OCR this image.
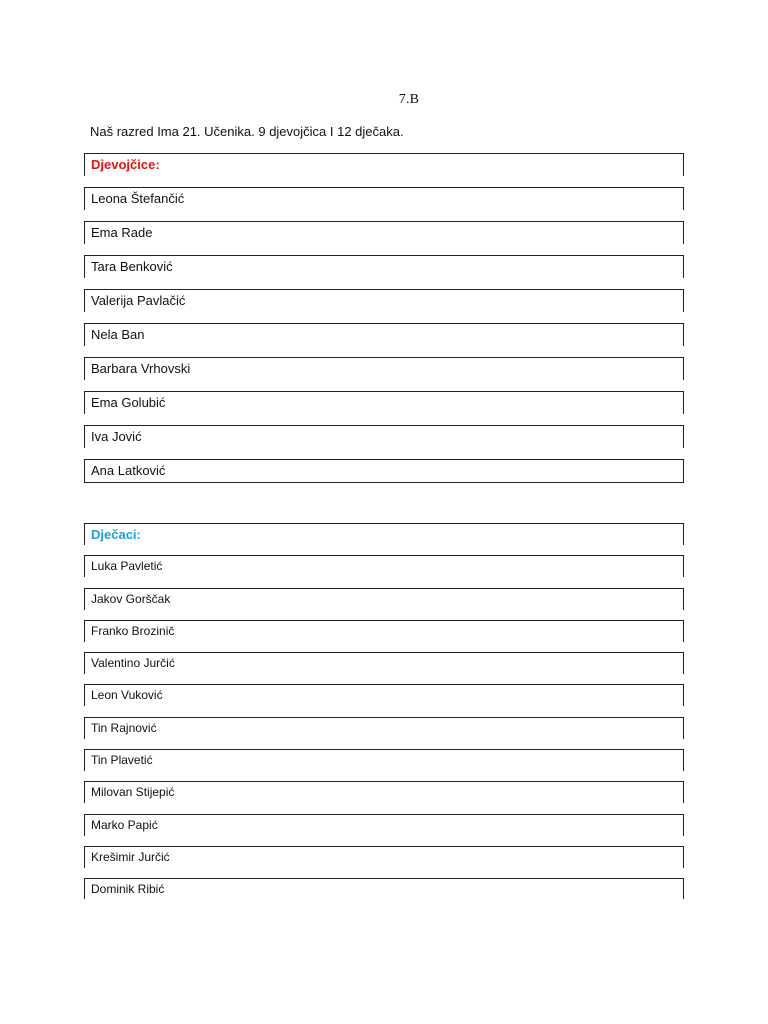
7.B
Naš razred Ima 21. Učenika. 9 djevojčica I 12 dječaka.
Djevojčice:
Leona Štefančić
Ema Rade
Tara Benković
Valerija Pavlačić
Nela Ban
Barbara Vrhovski
Ema Golubić
Iva Jović
Ana Latković
Dječaci:
Luka Pavletić
Jakov Gorščak
Franko Brozinič
Valentino Jurčić
Leon Vuković
Tin Rajnović
Tin Plavetić
Milovan Stijepić
Marko Papić
Krešimir Jurčić
Dominik Ribić
